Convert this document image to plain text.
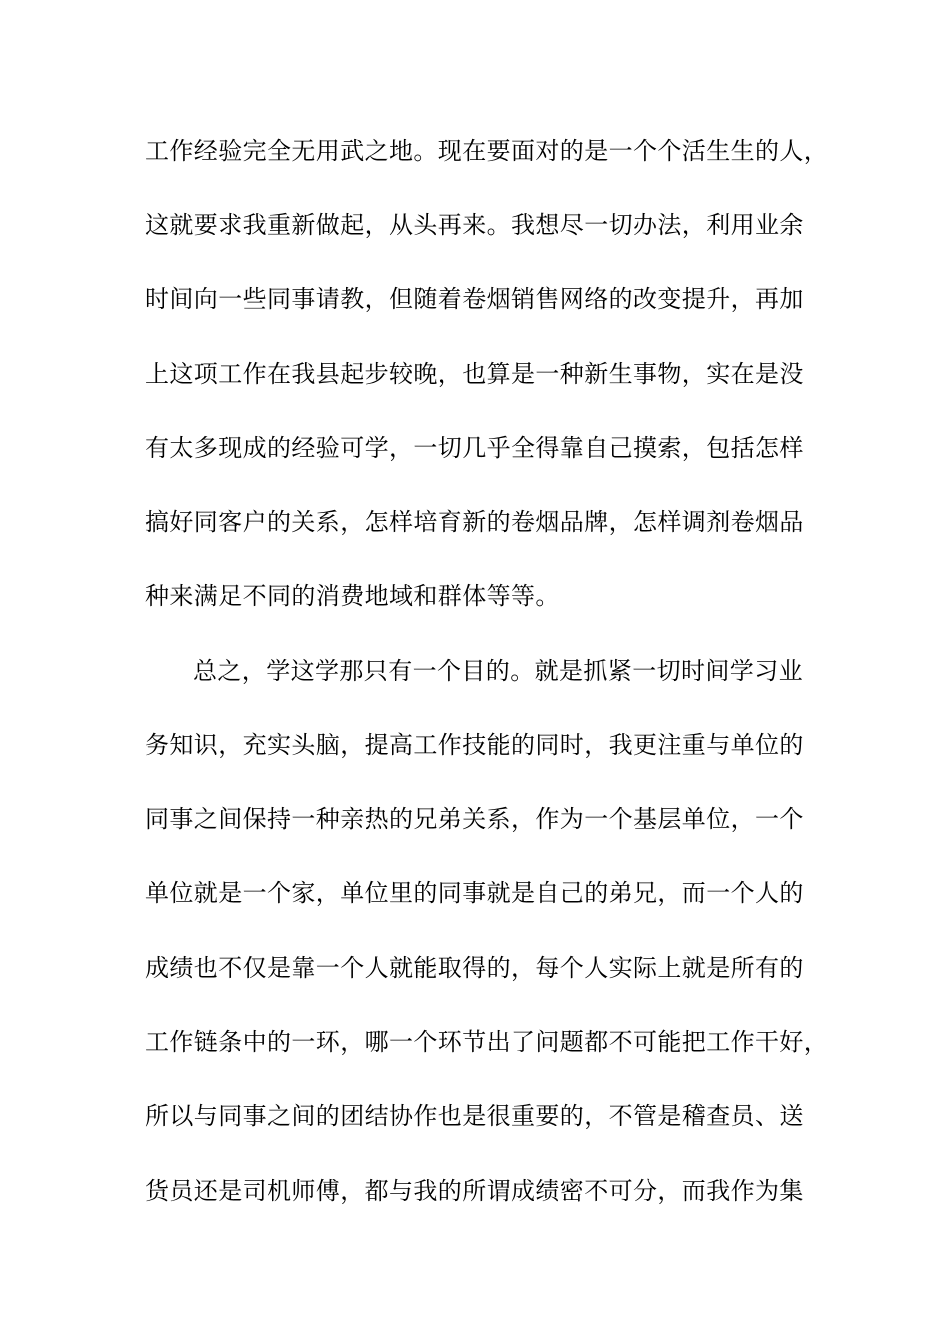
工作经验完全无用武之地。现在要面对的是一个个活生生的人，
这就要求我重新做起，从头再来。我想尽一切办法，利用业余
时间向一些同事请教，但随着卷烟销售网络的改变提升，再加
上这项工作在我县起步较晚，也算是一种新生事物，实在是没
有太多现成的经验可学，一切几乎全得靠自己摸索，包括怎样
搞好同客户的关系，怎样培育新的卷烟品牌，怎样调剂卷烟品
种来满足不同的消费地域和群体等等。
总之，学这学那只有一个目的。就是抓紧一切时间学习业
务知识，充实头脑，提高工作技能的同时，我更注重与单位的
同事之间保持一种亲热的兄弟关系，作为一个基层单位，一个
单位就是一个家，单位里的同事就是自己的弟兄，而一个人的
成绩也不仅是靠一个人就能取得的，每个人实际上就是所有的
工作链条中的一环，哪一个环节出了问题都不可能把工作干好，
所以与同事之间的团结协作也是很重要的，不管是稽查员、送
货员还是司机师傅，都与我的所谓成绩密不可分，而我作为集
